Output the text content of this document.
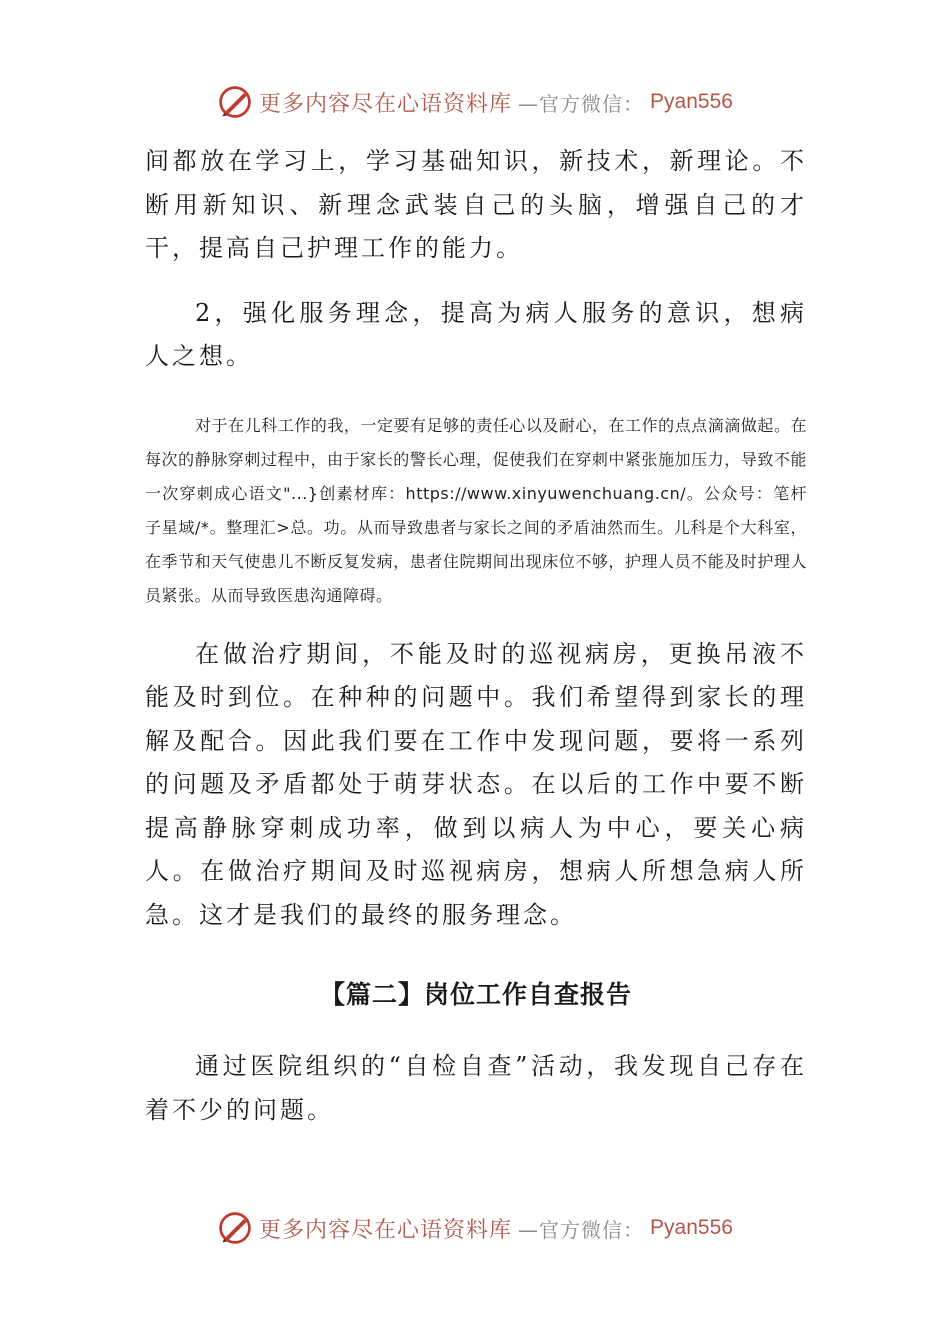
更多内容尽在心语资料库 —官方微信： Pyan556

间都放在学习上，学习基础知识，新技术，新理论。不断用新知识、新理念武装自己的头脑，增强自己的才干，提高自己护理工作的能力。

2，强化服务理念，提高为病人服务的意识，想病人之想。

对于在儿科工作的我，一定要有足够的责任心以及耐心，在工作的点点滴滴做起。在每次的静脉穿刺过程中，由于家长的警长心理，促使我们在穿刺中紧张施加压力，导致不能一次穿刺成心语文"...}创素材库：https://www.xinyuwenchuang.cn/。公众号：笔杆子星域/*。整理汇>总。功。从而导致患者与家长之间的矛盾油然而生。儿科是个大科室，在季节和天气使患儿不断反复发病，患者住院期间出现床位不够，护理人员不能及时护理人员紧张。从而导致医患沟通障碍。

在做治疗期间，不能及时的巡视病房，更换吊液不能及时到位。在种种的问题中。我们希望得到家长的理解及配合。因此我们要在工作中发现问题，要将一系列的问题及矛盾都处于萌芽状态。在以后的工作中要不断提高静脉穿刺成功率，做到以病人为中心，要关心病人。在做治疗期间及时巡视病房，想病人所想急病人所急。这才是我们的最终的服务理念。

【篇二】岗位工作自查报告

通过医院组织的“自检自查”活动，我发现自己存在着不少的问题。

更多内容尽在心语资料库 —官方微信： Pyan556
